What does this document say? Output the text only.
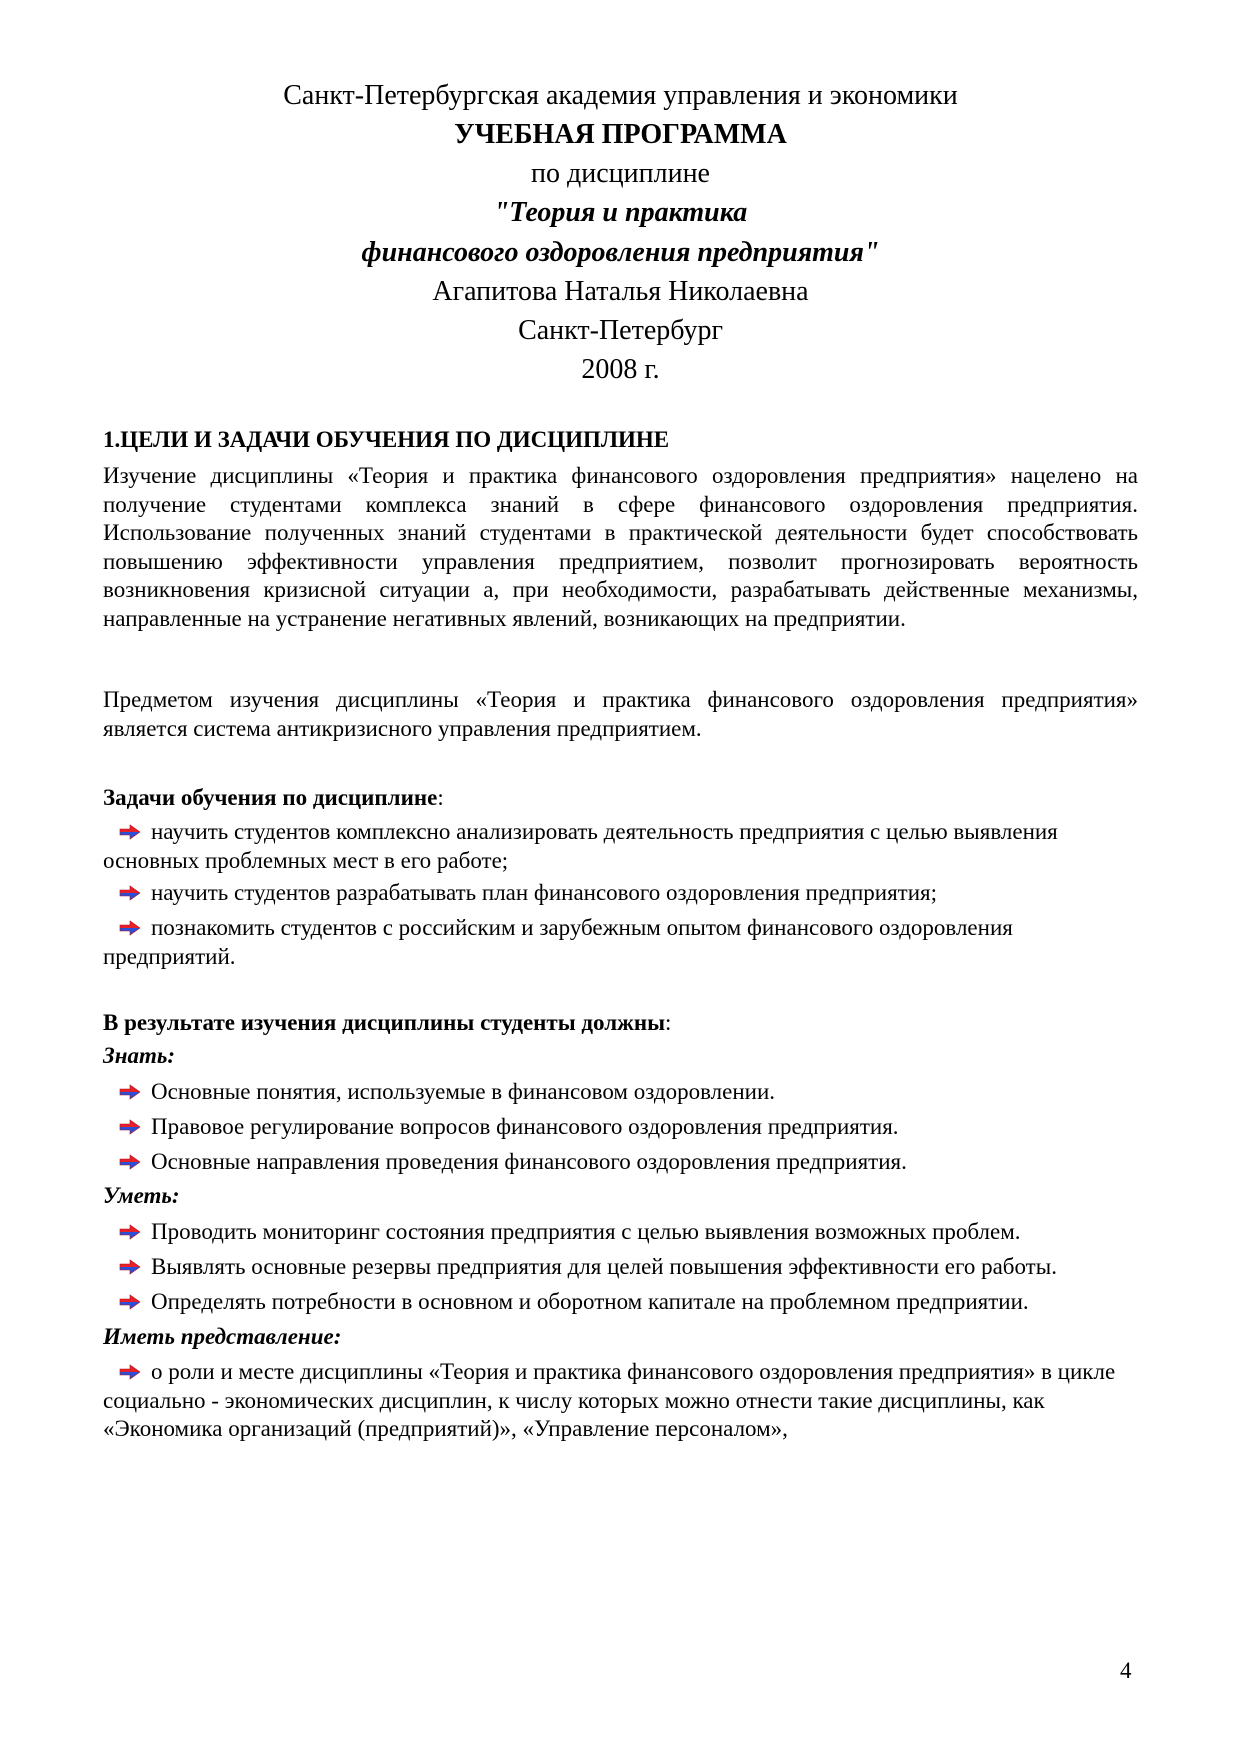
Санкт-Петербургская академия управления и экономики
УЧЕБНАЯ ПРОГРАММА
по дисциплине
"Теория и практика
финансового оздоровления предприятия"
Агапитова Наталья Николаевна
Санкт-Петербург
2008 г.
1.ЦЕЛИ И ЗАДАЧИ ОБУЧЕНИЯ ПО ДИСЦИПЛИНЕ
Изучение дисциплины «Теория и практика финансового оздоровления предприятия» нацелено на получение студентами комплекса знаний в сфере финансового оздоровления предприятия. Использование полученных знаний студентами в практической деятельности будет способствовать повышению эффективности управления предприятием, позволит прогнозировать вероятность возникновения кризисной ситуации а, при необходимости, разрабатывать действенные механизмы, направленные на устранение негативных явлений, возникающих на предприятии.
Предметом изучения дисциплины «Теория и практика финансового оздоровления предприятия» является система антикризисного управления предприятием.
Задачи обучения по дисциплине:
научить студентов комплексно анализировать деятельность предприятия с целью выявления основных проблемных мест в его работе;
научить студентов разрабатывать план финансового оздоровления предприятия;
познакомить студентов с российским и зарубежным опытом финансового оздоровления предприятий.
В результате изучения дисциплины студенты должны:
Знать:
Основные понятия, используемые в финансовом оздоровлении.
Правовое регулирование вопросов финансового оздоровления предприятия.
Основные направления проведения финансового оздоровления предприятия.
Уметь:
Проводить мониторинг состояния предприятия с целью выявления возможных проблем.
Выявлять основные резервы предприятия для целей повышения эффективности его работы.
Определять потребности в основном и оборотном капитале на проблемном предприятии.
Иметь представление:
о роли и месте дисциплины «Теория и практика финансового оздоровления предприятия» в цикле социально - экономических дисциплин, к числу которых можно отнести такие дисциплины, как «Экономика организаций (предприятий)», «Управление персоналом»,
4
